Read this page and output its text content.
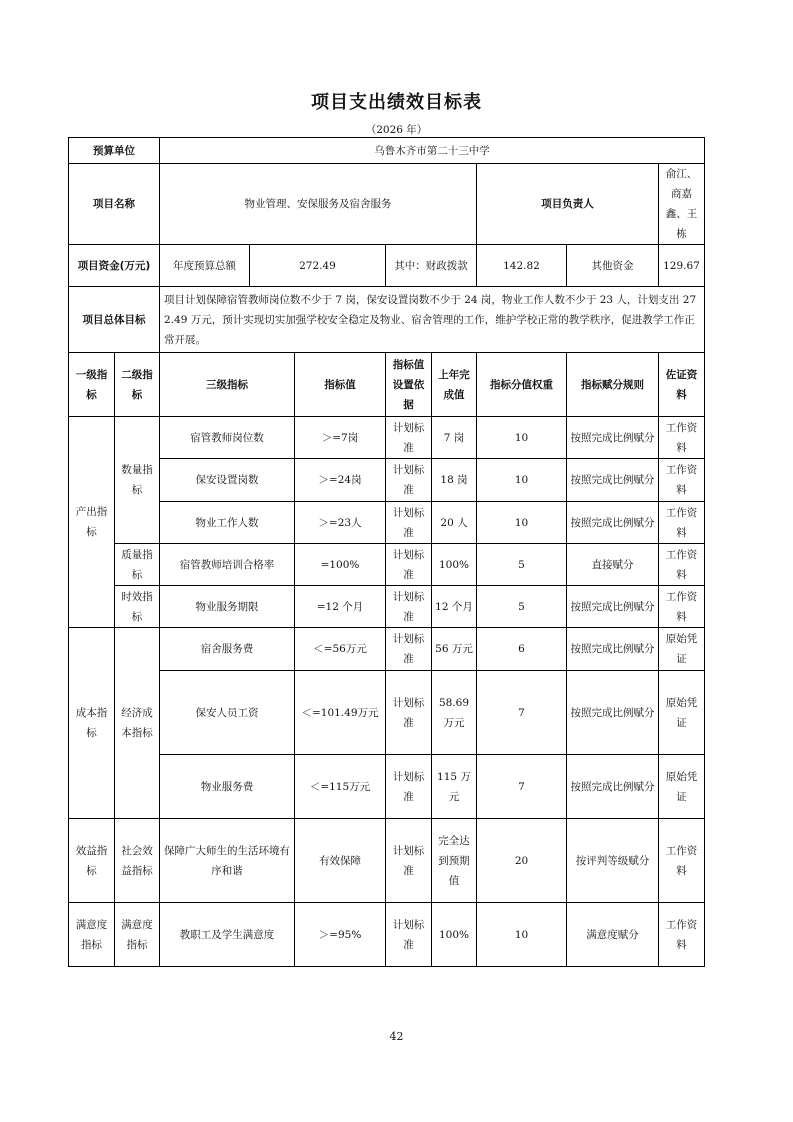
项目支出绩效目标表
（2026 年）
预算单位		乌鲁木齐市第二十三中学							
项目名称		物业管理、安保服务及宿舍服务					项目负责人		俞江、商嘉鑫、王栋
项目资金(万元)		年度预算总额	272.49		其中：财政拨款		142.82	其他资金	129.67
项目总体目标		项目计划保障宿管教师岗位数不少于 7 岗，保安设置岗数不少于 24 岗，物业工作人数不少于 23 人，计划支出 272.49 万元，预计实现切实加强学校安全稳定及物业、宿舍管理的工作，维护学校正常的教学秩序，促进教学工作正常开展。							
一级指标	二级指标	三级指标		指标值	指标值设置依据	上年完成值	指标分值权重	指标赋分规则	佐证资料
产出指标	数量指标	宿管教师岗位数		＞=7岗	计划标准	7 岗	10	按照完成比例赋分	工作资料
		保安设置岗数		＞=24岗	计划标准	18 岗	10	按照完成比例赋分	工作资料
		物业工作人数		＞=23人	计划标准	20 人	10	按照完成比例赋分	工作资料
	质量指标	宿管教师培训合格率		=100%	计划标准	100%	5	直接赋分	工作资料
	时效指标	物业服务期限		=12 个月	计划标准	12 个月	5	按照完成比例赋分	工作资料
成本指标	经济成本指标	宿舍服务费		＜=56万元	计划标准	56 万元	6	按照完成比例赋分	原始凭证
		保安人员工资		＜=101.49万元	计划标准	58.69万元	7	按照完成比例赋分	原始凭证
		物业服务费		＜=115万元	计划标准	115 万元	7	按照完成比例赋分	原始凭证
效益指标	社会效益指标	保障广大师生的生活环境有序和谐		有效保障	计划标准	完全达到预期值	20	按评判等级赋分	工作资料
满意度指标	满意度指标	教职工及学生满意度		＞=95%	计划标准	100%	10	满意度赋分	工作资料
42
